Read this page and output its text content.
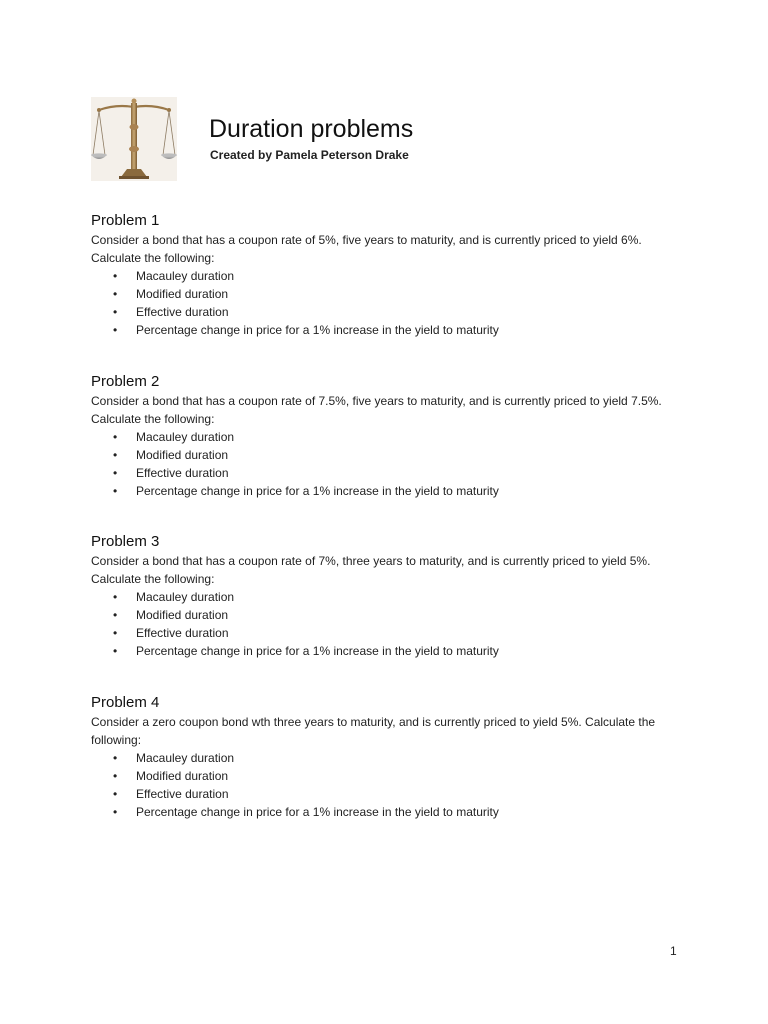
Duration problems
Created by Pamela Peterson Drake
Problem 1

Consider a bond that has a coupon rate of 5%, five years to maturity, and is currently priced to yield 6%. Calculate the following:

• Macauley duration
• Modified duration
• Effective duration
• Percentage change in price for a 1% increase in the yield to maturity
Problem 2

Consider a bond that has a coupon rate of 7.5%, five years to maturity, and is currently priced to yield 7.5%. Calculate the following:

• Macauley duration
• Modified duration
• Effective duration
• Percentage change in price for a 1% increase in the yield to maturity
Problem 3

Consider a bond that has a coupon rate of 7%, three years to maturity, and is currently priced to yield 5%. Calculate the following:

• Macauley duration
• Modified duration
• Effective duration
• Percentage change in price for a 1% increase in the yield to maturity
Problem 4

Consider a zero coupon bond wth three years to maturity, and is currently priced to yield 5%. Calculate the following:

• Macauley duration
• Modified duration
• Effective duration
• Percentage change in price for a 1% increase in the yield to maturity
1
